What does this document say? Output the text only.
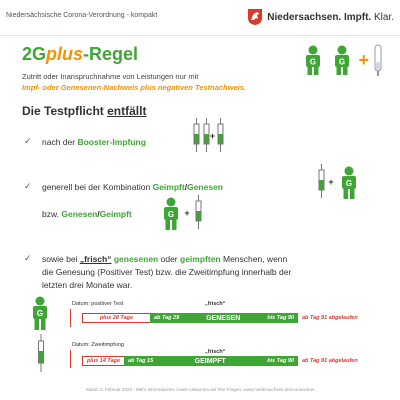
Niedersächsische Corona-Verordnung - kompakt	Niedersachsen. Impft. Klar.
2Gplus-Regel
Zutritt oder Inanspruchnahme von Leistungen nur mit
Impf- oder Genesenen-Nachweis plus negativen Testnachweis.
G	G +
Die Testpflicht entfällt
✓ nach der Booster-Impfung
+
✓ generell bei der Kombination Geimpft/Genesen	+ G
bzw. Genesen/Geimpft	G +
✓ sowie bei „frisch“ genesenen oder geimpften Menschen, wenn
die Genesung (Positiver Test) bzw. die Zweitimpfung innerhalb der
letzten drei Monate war.
G
Datum: positiver Test	„frisch“
plus 28 Tage	ab Tag 29	GENESEN	bis Tag 90 ab Tag 91 abgelaufen
Datum: Zweitimpfung
„frisch“
plus 14 Tage	ab Tag 15	GEIMPFT	bis Tag 90 ab Tag 91 abgelaufen
Stand: 2. Februar 2022 - Mehr Informationen sowie Antworten auf Ihre Fragen: www.niedersachsen.de/coronavirus
